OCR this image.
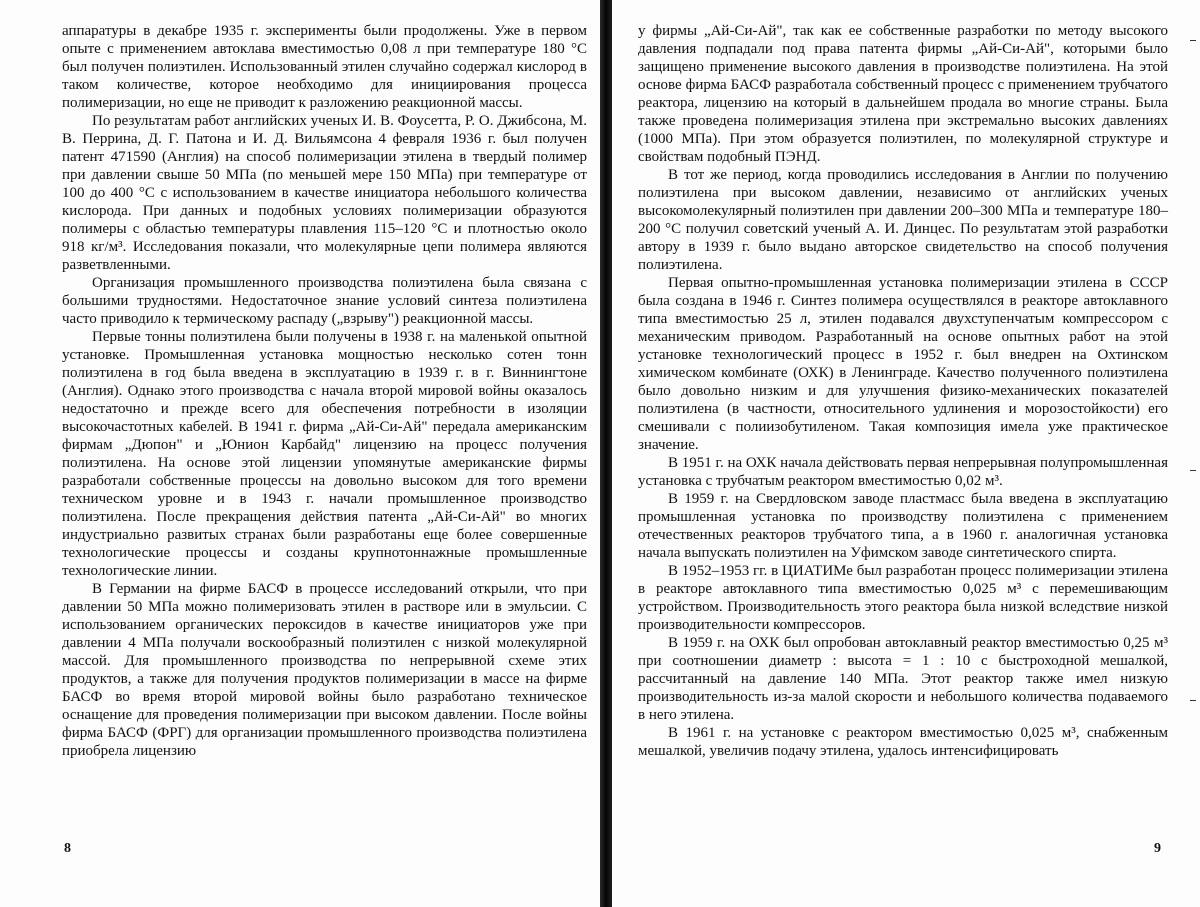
аппаратуры в декабре 1935 г. эксперименты были продолжены. Уже в первом опыте с применением автоклава вместимостью 0,08 л при температуре 180 °С был получен полиэтилен. Использованный этилен случайно содержал кислород в таком количестве, которое необходимо для инициирования процесса полимеризации, но еще не приводит к разложению реакционной массы.

По результатам работ английских ученых И. В. Фоусетта, Р. О. Джибсона, М. В. Перрина, Д. Г. Патона и И. Д. Вильямсона 4 февраля 1936 г. был получен патент 471590 (Англия) на способ полимеризации этилена в твердый полимер при давлении свыше 50 МПа (по меньшей мере 150 МПа) при температуре от 100 до 400 °С с использованием в качестве инициатора небольшого количества кислорода. При данных и подобных условиях полимеризации образуются полимеры с областью температуры плавления 115–120 °С и плотностью около 918 кг/м³. Исследования показали, что молекулярные цепи полимера являются разветвленными.

Организация промышленного производства полиэтилена была связана с большими трудностями. Недостаточное знание условий синтеза полиэтилена часто приводило к термическому распаду („взрыву") реакционной массы.

Первые тонны полиэтилена были получены в 1938 г. на маленькой опытной установке. Промышленная установка мощностью несколько сотен тонн полиэтилена в год была введена в эксплуатацию в 1939 г. в г. Виннингтоне (Англия). Однако этого производства с начала второй мировой войны оказалось недостаточно и прежде всего для обеспечения потребности в изоляции высокочастотных кабелей. В 1941 г. фирма „Ай-Си-Ай" передала американским фирмам „Дюпон" и „Юнион Карбайд" лицензию на процесс получения полиэтилена. На основе этой лицензии упомянутые американские фирмы разработали собственные процессы на довольно высоком для того времени техническом уровне и в 1943 г. начали промышленное производство полиэтилена. После прекращения действия патента „Ай-Си-Ай" во многих индустриально развитых странах были разработаны еще более совершенные технологические процессы и созданы крупнотоннажные промышленные технологические линии.

В Германии на фирме БАСФ в процессе исследований открыли, что при давлении 50 МПа можно полимеризовать этилен в растворе или в эмульсии. С использованием органических пероксидов в качестве инициаторов уже при давлении 4 МПа получали воскообразный полиэтилен с низкой молекулярной массой. Для промышленного производства по непрерывной схеме этих продуктов, а также для получения продуктов полимеризации в массе на фирме БАСФ во время второй мировой войны было разработано техническое оснащение для проведения полимеризации при высоком давлении. После войны фирма БАСФ (ФРГ) для организации промышленного производства полиэтилена приобрела лицензию

8

у фирмы „Ай-Си-Ай", так как ее собственные разработки по методу высокого давления подпадали под права патента фирмы „Ай-Си-Ай", которыми было защищено применение высокого давления в производстве полиэтилена. На этой основе фирма БАСФ разработала собственный процесс с применением трубчатого реактора, лицензию на который в дальнейшем продала во многие страны. Была также проведена полимеризация этилена при экстремально высоких давлениях (1000 МПа). При этом образуется полиэтилен, по молекулярной структуре и свойствам подобный ПЭНД.

В тот же период, когда проводились исследования в Англии по получению полиэтилена при высоком давлении, независимо от английских ученых высокомолекулярный полиэтилен при давлении 200–300 МПа и температуре 180–200 °С получил советский ученый А. И. Динцес. По результатам этой разработки автору в 1939 г. было выдано авторское свидетельство на способ получения полиэтилена.

Первая опытно-промышленная установка полимеризации этилена в СССР была создана в 1946 г. Синтез полимера осуществлялся в реакторе автоклавного типа вместимостью 25 л, этилен подавался двухступенчатым компрессором с механическим приводом. Разработанный на основе опытных работ на этой установке технологический процесс в 1952 г. был внедрен на Охтинском химическом комбинате (ОХК) в Ленинграде. Качество полученного полиэтилена было довольно низким и для улучшения физико-механических показателей полиэтилена (в частности, относительного удлинения и морозостойкости) его смешивали с полиизобутиленом. Такая композиция имела уже практическое значение.

В 1951 г. на ОХК начала действовать первая непрерывная полупромышленная установка с трубчатым реактором вместимостью 0,02 м³.

В 1959 г. на Свердловском заводе пластмасс была введена в эксплуатацию промышленная установка по производству полиэтилена с применением отечественных реакторов трубчатого типа, а в 1960 г. аналогичная установка начала выпускать полиэтилен на Уфимском заводе синтетического спирта.

В 1952–1953 гг. в ЦИАТИМе был разработан процесс полимеризации этилена в реакторе автоклавного типа вместимостью 0,025 м³ с перемешивающим устройством. Производительность этого реактора была низкой вследствие низкой производительности компрессоров.

В 1959 г. на ОХК был опробован автоклавный реактор вместимостью 0,25 м³ при соотношении диаметр : высота = 1 : 10 с быстроходной мешалкой, рассчитанный на давление 140 МПа. Этот реактор также имел низкую производительность из-за малой скорости и небольшого количества подаваемого в него этилена.

В 1961 г. на установке с реактором вместимостью 0,025 м³, снабженным мешалкой, увеличив подачу этилена, удалось интенсифицировать

9
